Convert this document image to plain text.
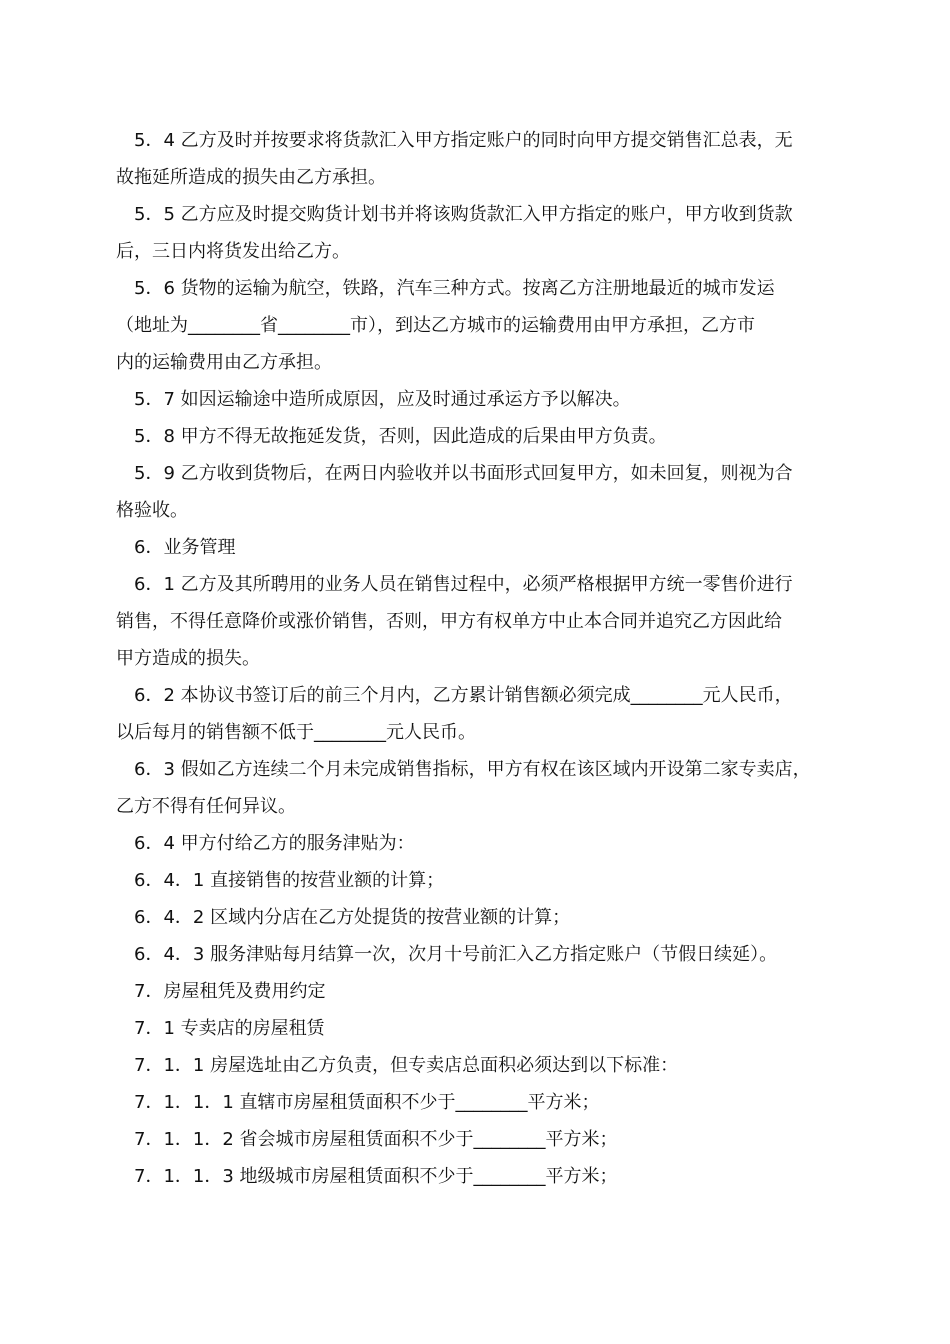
5．4 乙方及时并按要求将货款汇入甲方指定账户的同时向甲方提交销售汇总表，无
故拖延所造成的损失由乙方承担。
5．5 乙方应及时提交购货计划书并将该购货款汇入甲方指定的账户，甲方收到货款
后，三日内将货发出给乙方。
5．6 货物的运输为航空，铁路，汽车三种方式。按离乙方注册地最近的城市发运
（地址为________省________市），到达乙方城市的运输费用由甲方承担，乙方市
内的运输费用由乙方承担。
5．7 如因运输途中造所成原因，应及时通过承运方予以解决。
5．8 甲方不得无故拖延发货，否则，因此造成的后果由甲方负责。
5．9 乙方收到货物后，在两日内验收并以书面形式回复甲方，如未回复，则视为合
格验收。
6．业务管理
6．1 乙方及其所聘用的业务人员在销售过程中，必须严格根据甲方统一零售价进行
销售，不得任意降价或涨价销售，否则，甲方有权单方中止本合同并追究乙方因此给
甲方造成的损失。
6．2 本协议书签订后的前三个月内，乙方累计销售额必须完成________元人民币，
以后每月的销售额不低于________元人民币。
6．3 假如乙方连续二个月未完成销售指标，甲方有权在该区域内开设第二家专卖店，
乙方不得有任何异议。
6．4 甲方付给乙方的服务津贴为：
6．4．1 直接销售的按营业额的计算；
6．4．2 区域内分店在乙方处提货的按营业额的计算；
6．4．3 服务津贴每月结算一次，次月十号前汇入乙方指定账户（节假日续延）。
7．房屋租凭及费用约定
7．1 专卖店的房屋租赁
7．1．1 房屋选址由乙方负责，但专卖店总面积必须达到以下标准：
7．1．1．1 直辖市房屋租赁面积不少于________平方米；
7．1．1．2 省会城市房屋租赁面积不少于________平方米；
7．1．1．3 地级城市房屋租赁面积不少于________平方米；
